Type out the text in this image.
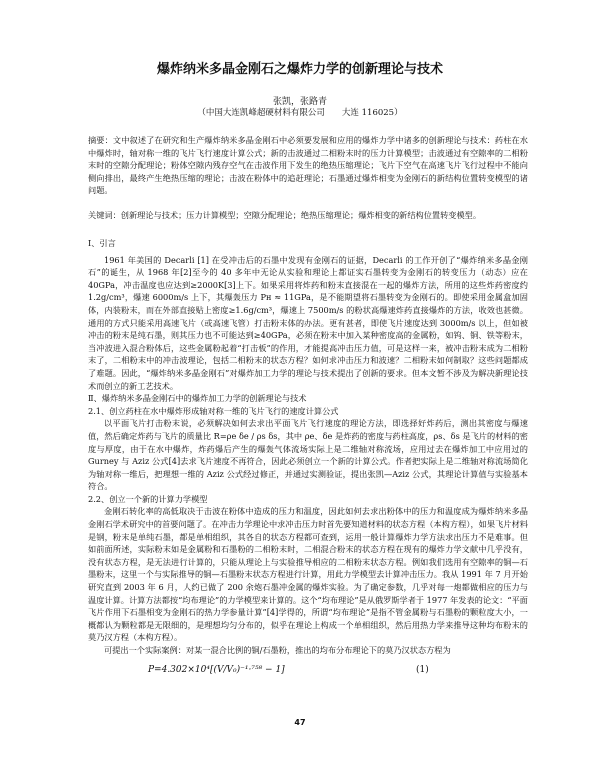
爆炸纳米多晶金刚石之爆炸力学的创新理论与技术
张凯，张路青
（中国大连凯峰超硬材料有限公司　　大连 116025）
摘要：文中叙述了在研究和生产爆炸纳米多晶金刚石中必须要发展和应用的爆炸力学中诸多的创新理论与技术：药柱在水中爆炸时，轴对称一维的飞片飞行速度计算公式；新的击波通过二相粉末时的压力计算模型；击波通过有空隙率的二相粉末时的空隙分配理论；粉体空隙内残存空气在击波作用下发生的绝热压缩理论；飞片下空气在高速飞片飞行过程中不能向侧向排出，最终产生绝热压缩的理论；击波在粉体中的追赶理论；石墨通过爆炸相变为金刚石的新结构位置转变模型的诸问题。
关键词：创新理论与技术；压力计算模型；空隙分配理论；绝热压缩理论；爆炸相变的新结构位置转变模型。

Ⅰ、引言

1961 年美国的 Decarli [1] 在受冲击后的石墨中发现有金刚石的证据，Decarli 的工作开创了“爆炸纳米多晶金刚石”的诞生，从 1968 年[2]至今的 40 多年中无论从实验和理论上都证实石墨转变为金刚石的转变压力（动态）应在 40GPa，冲击温度也应达到≥2000K[3]上下。如果采用将炸药和粉末直接混在一起的爆炸方法，所用的这些炸药密度约 1.2g/cm³，爆速 6000m/s 上下，其爆轰压力 Pн ≈ 11GPa，是不能期望将石墨转变为金刚石的。即使采用金属盒加固体，内装粉末，而在外部直接贴上密度≥1.6g/cm³，爆速上 7500m/s 的粉状高爆速炸药直接爆炸的方法，收效也甚微。通用的方式只能采用高速飞片（或高速飞管）打击粉末体的办法。更有甚者，即使飞片速度达到 3000m/s 以上，但如被冲击的粉末是纯石墨，则其压力也不可能达到≥40GPa，必须在粉末中加入某种密度高的金属粉，如钨、铜、铁等粉末，当冲波进入混合粉体后，这些金属粉起着“打击板”的作用，才能提高冲击压力值，可是这样一来，被冲击粉末成为二相粉末了，二相粉末中的冲击波理论，包括二相粉末的状态方程？如何求冲击压力和波速？二相粉末如何制取？这些问题都成了难题。因此，“爆炸纳米多晶金刚石”对爆炸加工力学的理论与技术提出了创新的要求。但本文暂不涉及为解决新理论技术而创立的新工艺技术。

Ⅱ、爆炸纳米多晶金刚石中的爆炸加工力学的创新理论与技术

2.1、创立药柱在水中爆炸形成轴对称一维的飞片飞行的速度计算公式

以平面飞片打击粉末说，必须解决如何去求出平面飞片飞行速度的理论方法，即选择好炸药后，测出其密度与爆速值，然后确定炸药与飞片的质量比 R=ρe δe / ρs δs，其中 ρe、δe 是炸药的密度与药柱高度，ρs、δs 是飞片的材料的密度与厚度，由于在水中爆炸，炸药爆后产生的爆轰气体流场实际上是二维轴对称流场，应用过去在爆炸加工中应用过的 Gurney 与 Aziz 公式[4]去求飞片速度不再符合，因此必须创立一个新的计算公式。作者把实际上是二维轴对称流场简化为轴对称一维后，把理想一维的 Aziz 公式经过修正，并通过实测验证，提出张凯—Aziz 公式，其理论计算值与实验基本符合。

2.2、创立一个新的计算力学模型

金刚石转化率的高低取决于击波在粉体中造成的压力和温度，因此如何去求出粉体中的压力和温度成为爆炸纳米多晶金刚石学术研究中的首要问题了。在冲击力学理论中求冲击压力时首先要知道材料的状态方程（本构方程），如果飞片材料是钢，粉末是单纯石墨，都是单相组织，其各自的状态方程都可查到，运用一般计算爆炸力学方法求出压力不是难事。但如前面所述，实际粉末如是金属粉和石墨粉的二相粉末时，二相混合粉末的状态方程在现有的爆炸力学文献中几乎没有，没有状态方程，是无法进行计算的，只能从理论上与实验推导相应的二相粉末状态方程。例如我们选用有空隙率的铜—石墨粉末，这里一个与实际推导的铜—石墨粉末状态方程进行计算，用此力学模型去计算冲击压力。我从 1991 年 7 月开始研究直到 2003 年 6 月，人约已做了 200 余炮石墨冲金属的爆炸实验。为了确定参数，几乎对每一炮都做相应的压力与温度计算。计算方法都按“均布理论”的力学模型来计算的。这个“均布理论”是从俄罗斯学者于 1977 年发表的论文：“平面飞片作用下石墨相变为金刚石的热力学参量计算”[4]学得的，所谓“均布理论”是指不管金属粉与石墨粉的颗粒度大小，一概都认为颗粒都是无限细的，是理想均匀分布的，似乎在理论上构成一个单相组织，然后用热力学来推导这种均布粉末的莫乃汉方程（本构方程）。

可提出一个实际案例：对某一混合比例的铜/石墨粉，推出的均布分布理论下的莫乃汉状态方程为

P=4.302×10⁴[(V/V₀)⁻¹·⁷⁵⁸ − 1]	(1)
47
